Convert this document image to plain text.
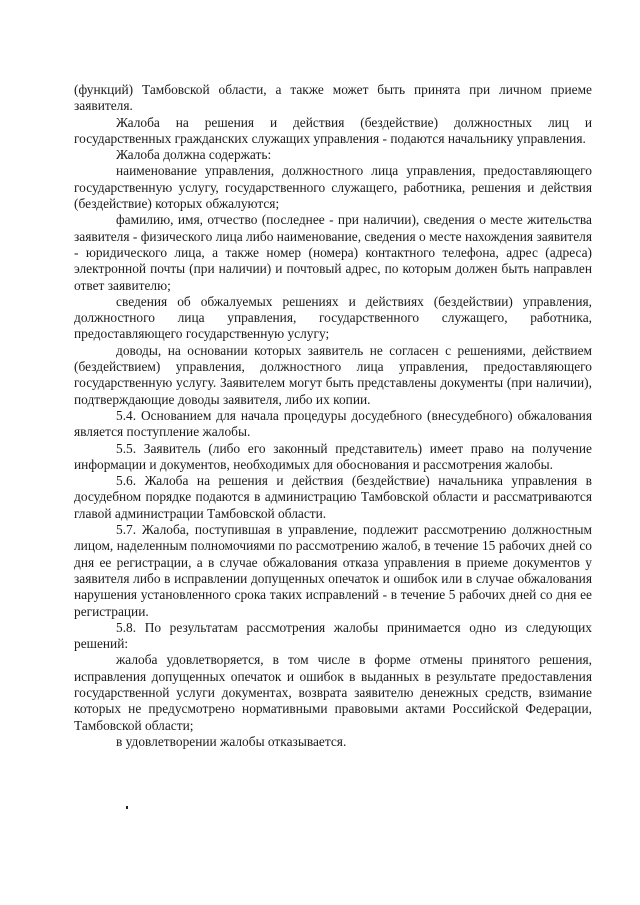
(функций) Тамбовской области, а также может быть принята при личном приеме заявителя.

Жалоба на решения и действия (бездействие) должностных лиц и государственных гражданских служащих управления - подаются начальнику управления.

Жалоба должна содержать:

наименование управления, должностного лица управления, предоставляющего государственную услугу, государственного служащего, работника, решения и действия (бездействие) которых обжалуются;

фамилию, имя, отчество (последнее - при наличии), сведения о месте жительства заявителя - физического лица либо наименование, сведения о месте нахождения заявителя - юридического лица, а также номер (номера) контактного телефона, адрес (адреса) электронной почты (при наличии) и почтовый адрес, по которым должен быть направлен ответ заявителю;

сведения об обжалуемых решениях и действиях (бездействии) управления, должностного лица управления, государственного служащего, работника, предоставляющего государственную услугу;

доводы, на основании которых заявитель не согласен с решениями, действием (бездействием) управления, должностного лица управления, предоставляющего государственную услугу. Заявителем могут быть представлены документы (при наличии), подтверждающие доводы заявителя, либо их копии.

5.4. Основанием для начала процедуры досудебного (внесудебного) обжалования является поступление жалобы.

5.5. Заявитель (либо его законный представитель) имеет право на получение информации и документов, необходимых для обоснования и рассмотрения жалобы.

5.6. Жалоба на решения и действия (бездействие) начальника управления в досудебном порядке подаются в администрацию Тамбовской области и рассматриваются главой администрации Тамбовской области.

5.7. Жалоба, поступившая в управление, подлежит рассмотрению должностным лицом, наделенным полномочиями по рассмотрению жалоб, в течение 15 рабочих дней со дня ее регистрации, а в случае обжалования отказа управления в приеме документов у заявителя либо в исправлении допущенных опечаток и ошибок или в случае обжалования нарушения установленного срока таких исправлений - в течение 5 рабочих дней со дня ее регистрации.

5.8. По результатам рассмотрения жалобы принимается одно из следующих решений:

жалоба удовлетворяется, в том числе в форме отмены принятого решения, исправления допущенных опечаток и ошибок в выданных в результате предоставления государственной услуги документах, возврата заявителю денежных средств, взимание которых не предусмотрено нормативными правовыми актами Российской Федерации, Тамбовской области;

в удовлетворении жалобы отказывается.
